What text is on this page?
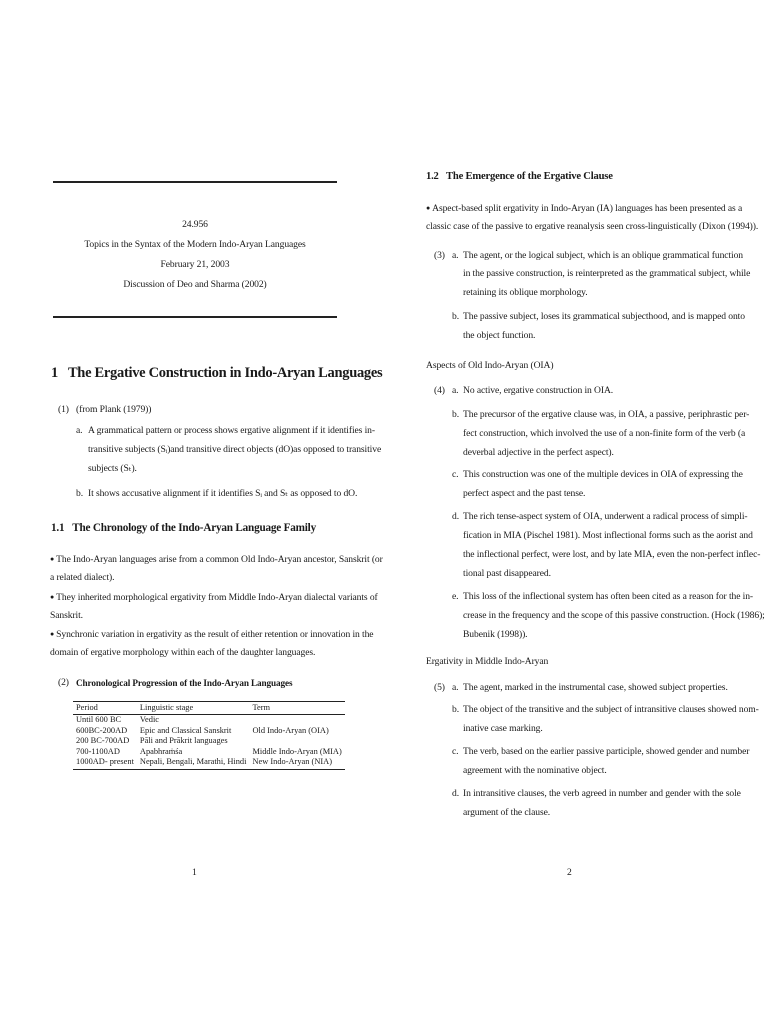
24.956
Topics in the Syntax of the Modern Indo-Aryan Languages
February 21, 2003
Discussion of Deo and Sharma (2002)
1 The Ergative Construction in Indo-Aryan Languages
(1) (from Plank (1979))
a. A grammatical pattern or process shows ergative alignment if it identifies in-
transitive subjects (Sᵢ)and transitive direct objects (dO)as opposed to transitive
subjects (Sₜ).
b. It shows accusative alignment if it identifies Sᵢ and Sₜ as opposed to dO.
1.1 The Chronology of the Indo-Aryan Language Family
● The Indo-Aryan languages arise from a common Old Indo-Aryan ancestor, Sanskrit (or
a related dialect).
● They inherited morphological ergativity from Middle Indo-Aryan dialectal variants of
Sanskrit.
● Synchronic variation in ergativity as the result of either retention or innovation in the
domain of ergative morphology within each of the daughter languages.
(2) Chronological Progression of the Indo-Aryan Languages
Period	Linguistic stage	Term
Until 600 BC	Vedic	
600BC-200AD	Epic and Classical Sanskrit	Old Indo-Aryan (OIA)
200 BC-700AD	Pāli and Prākrit languages	
700-1100AD	Apabhraṁśa	Middle Indo-Aryan (MIA)
1000AD- present	Nepali, Bengali, Marathi, Hindi	New Indo-Aryan (NIA)
1
1.2 The Emergence of the Ergative Clause
● Aspect-based split ergativity in Indo-Aryan (IA) languages has been presented as a
classic case of the passive to ergative reanalysis seen cross-linguistically (Dixon (1994)).
(3) a. The agent, or the logical subject, which is an oblique grammatical function
in the passive construction, is reinterpreted as the grammatical subject, while
retaining its oblique morphology.
b. The passive subject, loses its grammatical subjecthood, and is mapped onto
the object function.
Aspects of Old Indo-Aryan (OIA)
(4) a. No active, ergative construction in OIA.
b. The precursor of the ergative clause was, in OIA, a passive, periphrastic per-
fect construction, which involved the use of a non-finite form of the verb (a
deverbal adjective in the perfect aspect).
c. This construction was one of the multiple devices in OIA of expressing the
perfect aspect and the past tense.
d. The rich tense-aspect system of OIA, underwent a radical process of simpli-
fication in MIA (Pischel 1981). Most inflectional forms such as the aorist and
the inflectional perfect, were lost, and by late MIA, even the non-perfect inflec-
tional past disappeared.
e. This loss of the inflectional system has often been cited as a reason for the in-
crease in the frequency and the scope of this passive construction. (Hock (1986);
Bubenik (1998)).
Ergativity in Middle Indo-Aryan
(5) a. The agent, marked in the instrumental case, showed subject properties.
b. The object of the transitive and the subject of intransitive clauses showed nom-
inative case marking.
c. The verb, based on the earlier passive participle, showed gender and number
agreement with the nominative object.
d. In intransitive clauses, the verb agreed in number and gender with the sole
argument of the clause.
2
